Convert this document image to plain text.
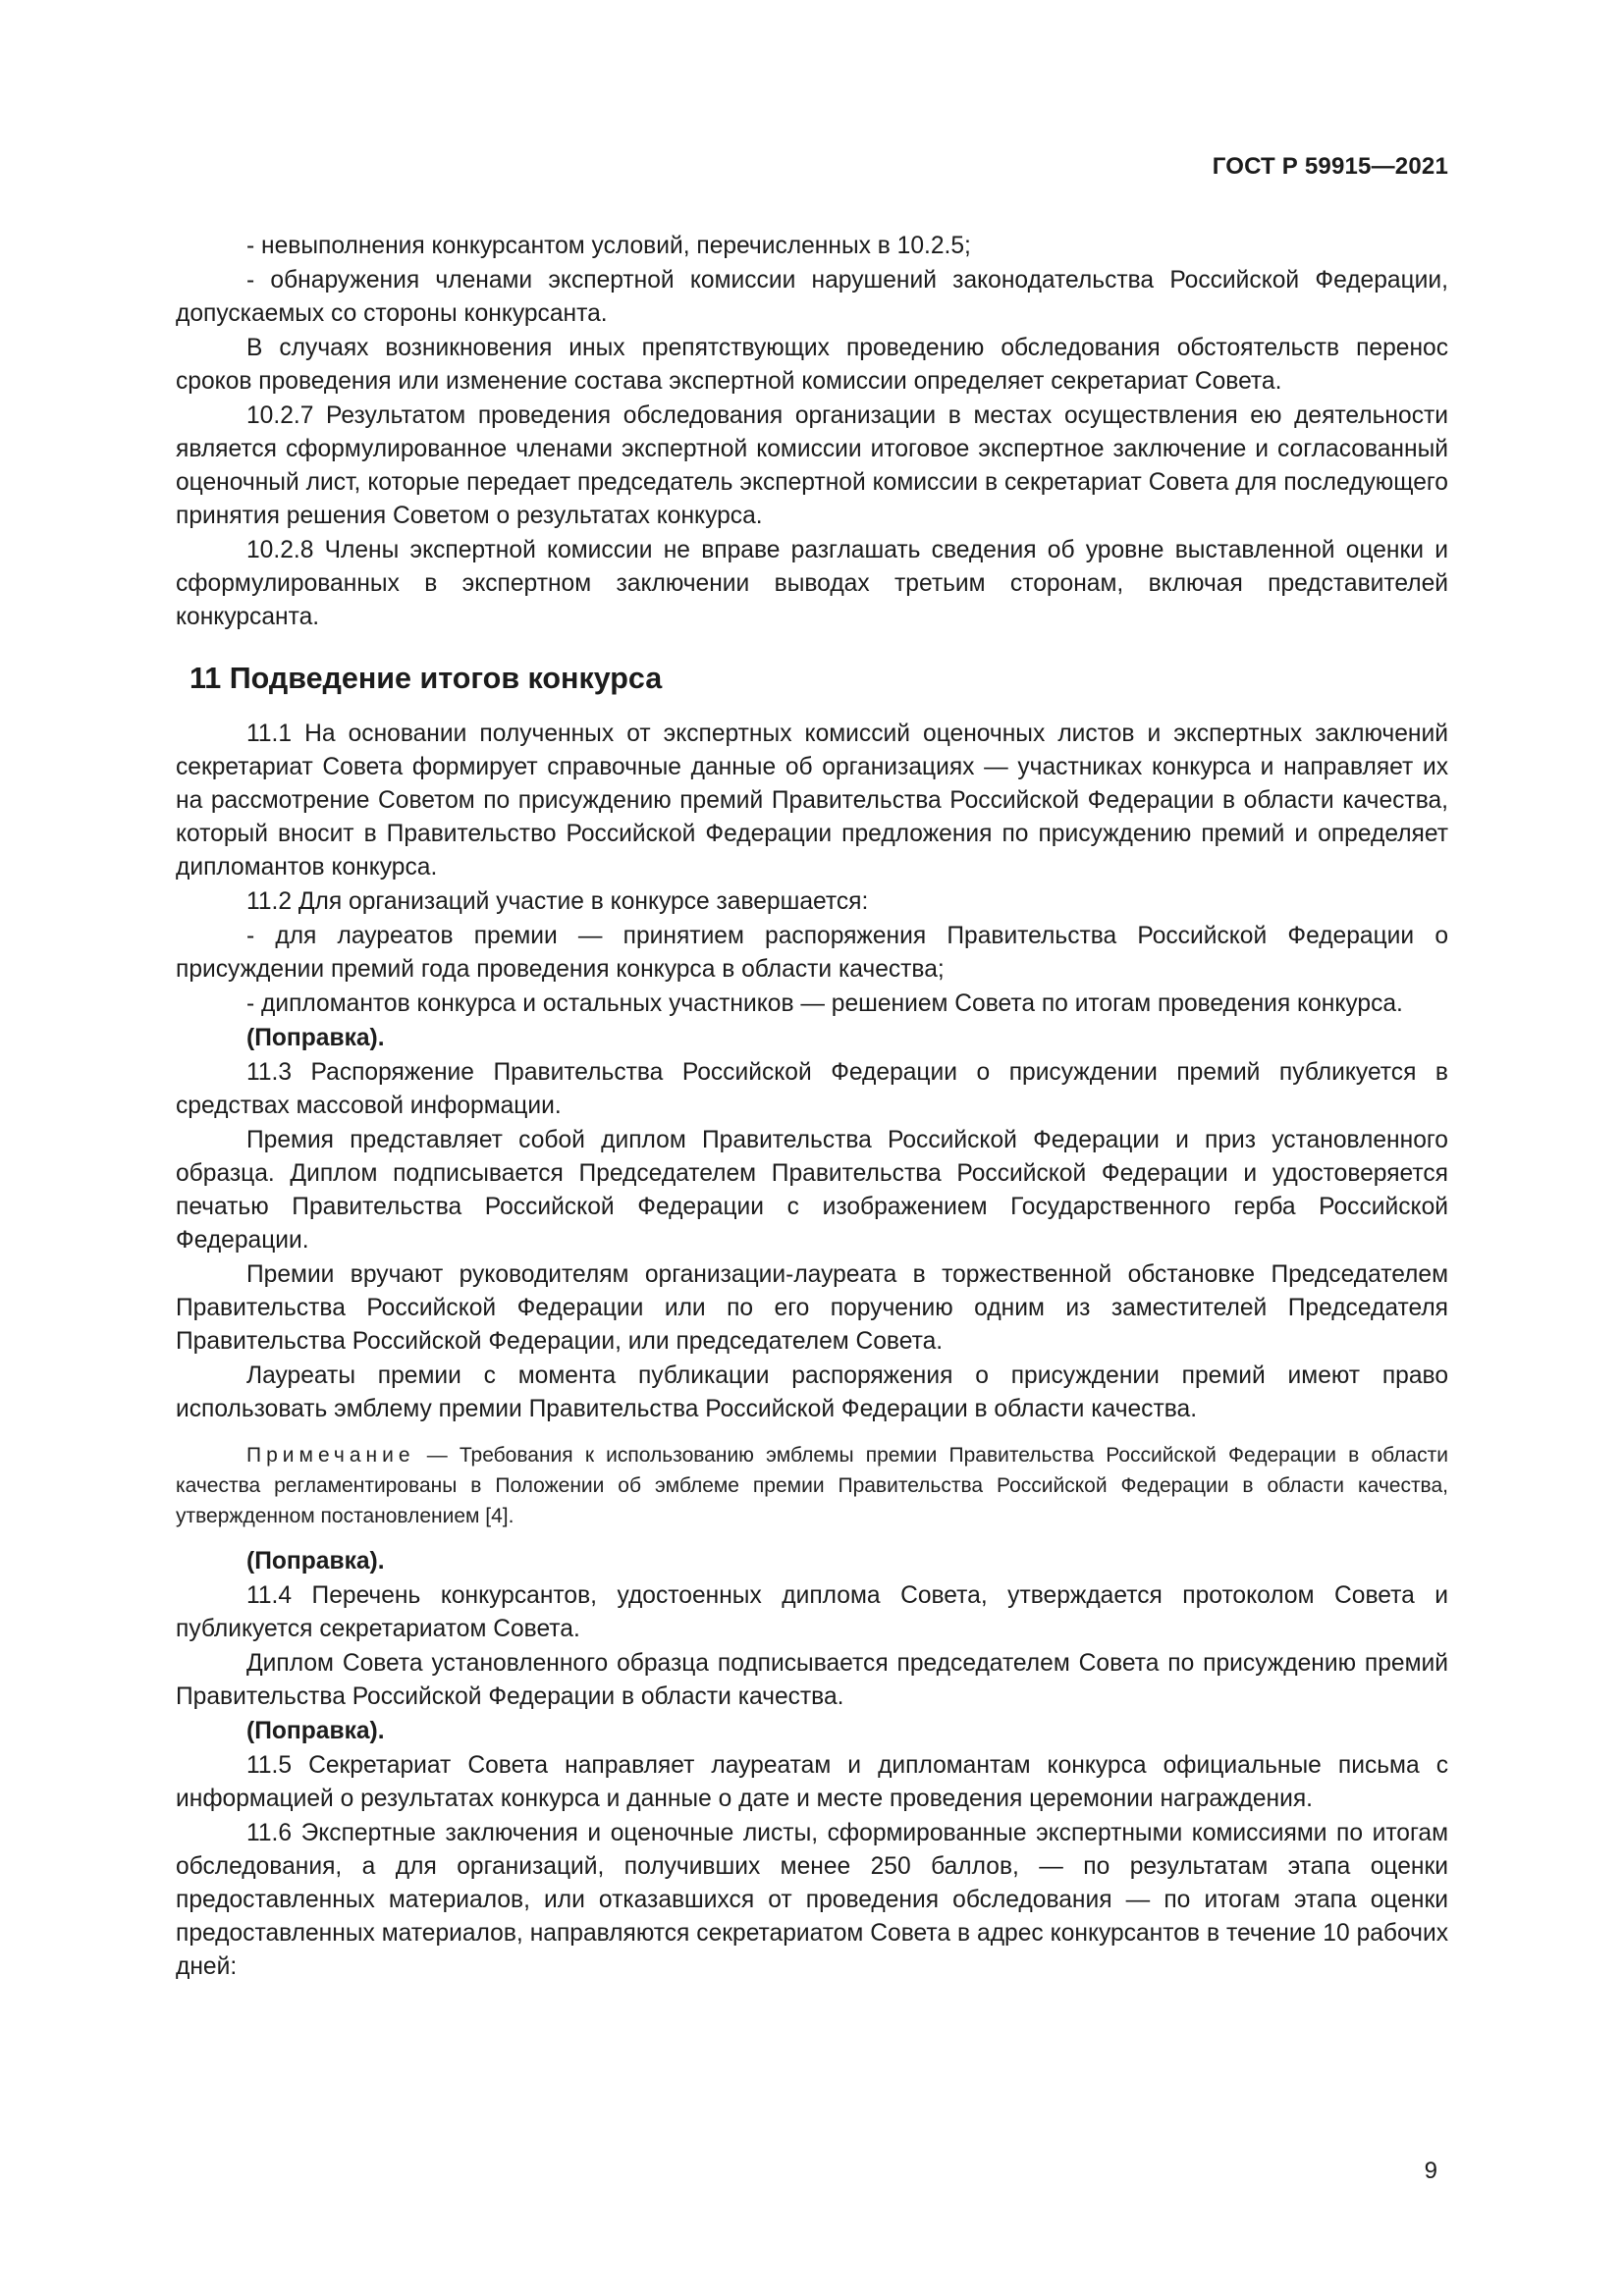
ГОСТ Р 59915—2021

- невыполнения конкурсантом условий, перечисленных в 10.2.5;

- обнаружения членами экспертной комиссии нарушений законодательства Российской Федерации, допускаемых со стороны конкурсанта.

В случаях возникновения иных препятствующих проведению обследования обстоятельств перенос сроков проведения или изменение состава экспертной комиссии определяет секретариат Совета.

10.2.7 Результатом проведения обследования организации в местах осуществления ею деятельности является сформулированное членами экспертной комиссии итоговое экспертное заключение и согласованный оценочный лист, которые передает председатель экспертной комиссии в секретариат Совета для последующего принятия решения Советом о результатах конкурса.

10.2.8 Члены экспертной комиссии не вправе разглашать сведения об уровне выставленной оценки и сформулированных в экспертном заключении выводах третьим сторонам, включая представителей конкурсанта.

11 Подведение итогов конкурса

11.1 На основании полученных от экспертных комиссий оценочных листов и экспертных заключений секретариат Совета формирует справочные данные об организациях — участниках конкурса и направляет их на рассмотрение Советом по присуждению премий Правительства Российской Федерации в области качества, который вносит в Правительство Российской Федерации предложения по присуждению премий и определяет дипломантов конкурса.

11.2 Для организаций участие в конкурсе завершается:

- для лауреатов премии — принятием распоряжения Правительства Российской Федерации о присуждении премий года проведения конкурса в области качества;

- дипломантов конкурса и остальных участников — решением Совета по итогам проведения конкурса.

(Поправка).

11.3 Распоряжение Правительства Российской Федерации о присуждении премий публикуется в средствах массовой информации.

Премия представляет собой диплом Правительства Российской Федерации и приз установленного образца. Диплом подписывается Председателем Правительства Российской Федерации и удостоверяется печатью Правительства Российской Федерации с изображением Государственного герба Российской Федерации.

Премии вручают руководителям организации-лауреата в торжественной обстановке Председателем Правительства Российской Федерации или по его поручению одним из заместителей Председателя Правительства Российской Федерации, или председателем Совета.

Лауреаты премии с момента публикации распоряжения о присуждении премий имеют право использовать эмблему премии Правительства Российской Федерации в области качества.

Примечание — Требования к использованию эмблемы премии Правительства Российской Федерации в области качества регламентированы в Положении об эмблеме премии Правительства Российской Федерации в области качества, утвержденном постановлением [4].

(Поправка).

11.4 Перечень конкурсантов, удостоенных диплома Совета, утверждается протоколом Совета и публикуется секретариатом Совета.

Диплом Совета установленного образца подписывается председателем Совета по присуждению премий Правительства Российской Федерации в области качества.

(Поправка).

11.5 Секретариат Совета направляет лауреатам и дипломантам конкурса официальные письма с информацией о результатах конкурса и данные о дате и месте проведения церемонии награждения.

11.6 Экспертные заключения и оценочные листы, сформированные экспертными комиссиями по итогам обследования, а для организаций, получивших менее 250 баллов, — по результатам этапа оценки предоставленных материалов, или отказавшихся от проведения обследования — по итогам этапа оценки предоставленных материалов, направляются секретариатом Совета в адрес конкурсантов в течение 10 рабочих дней:

9
